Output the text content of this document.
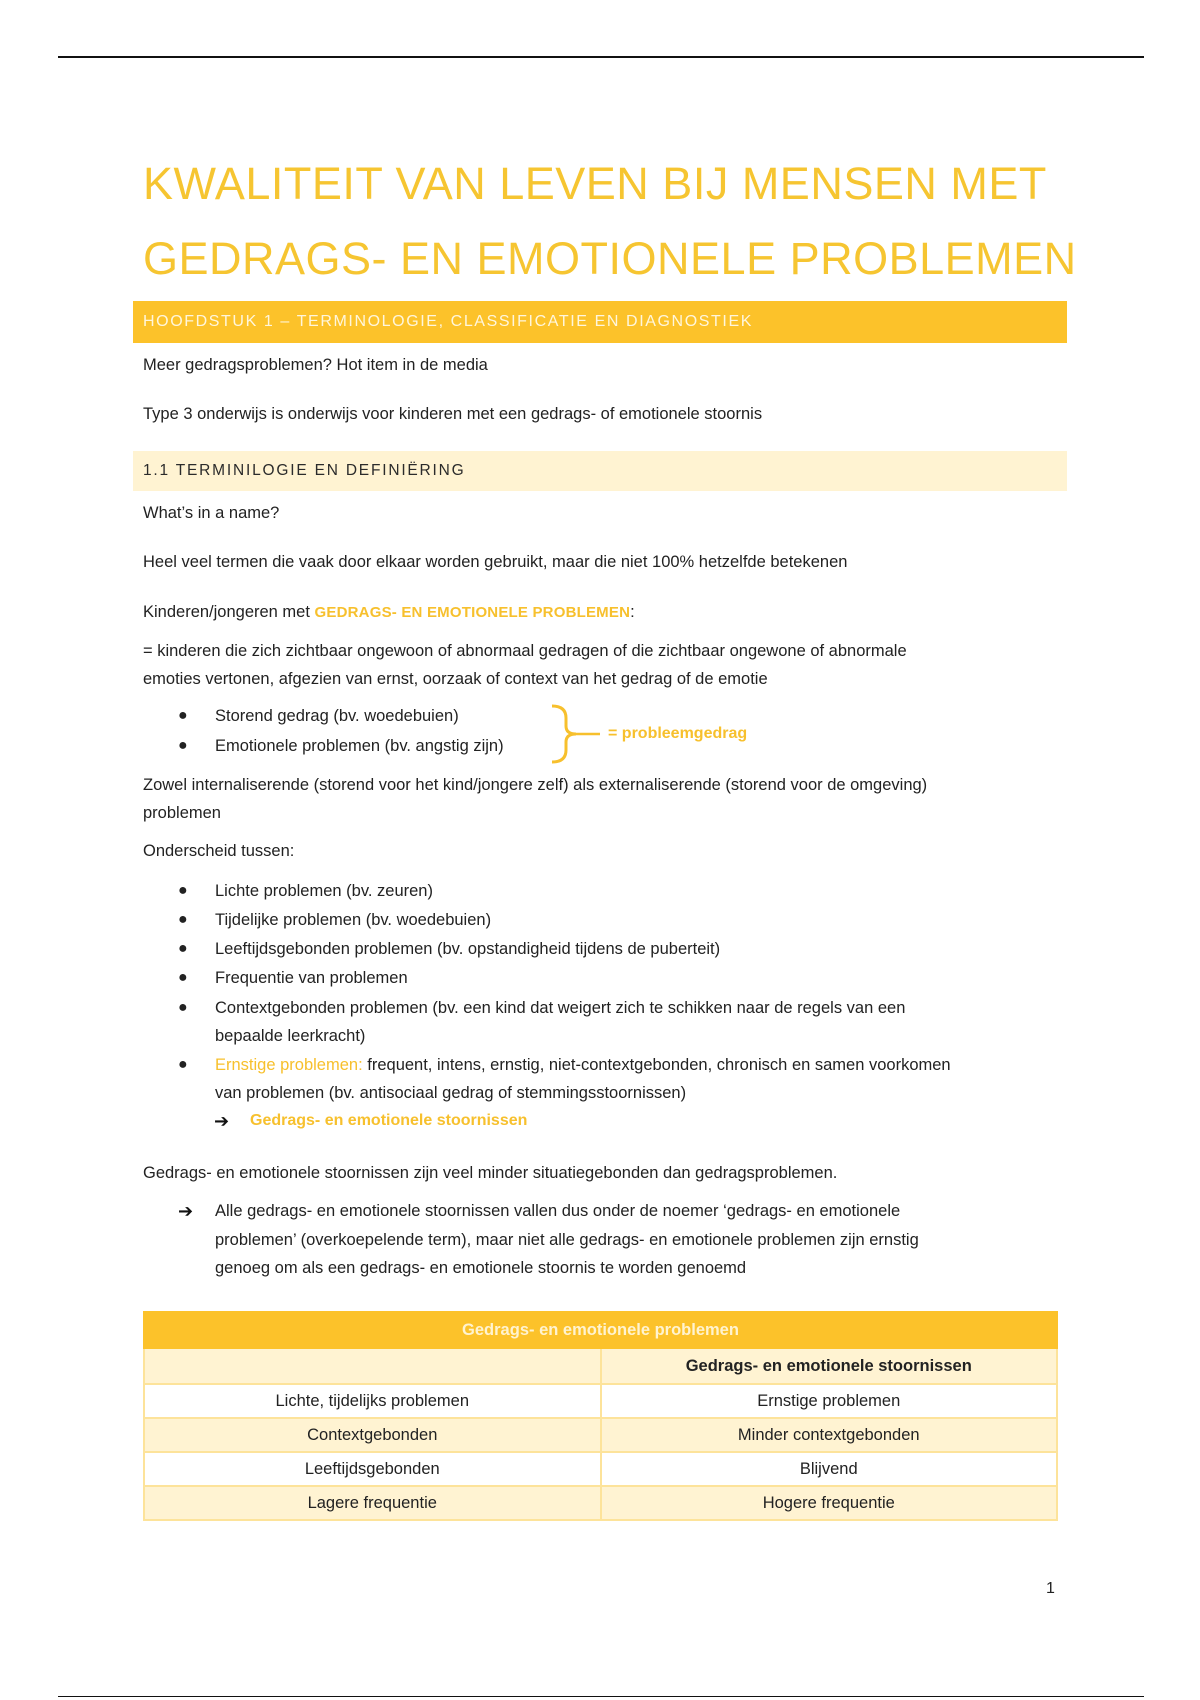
KWALITEIT VAN LEVEN BIJ MENSEN MET
GEDRAGS- EN EMOTIONELE PROBLEMEN
HOOFDSTUK 1 – TERMINOLOGIE, CLASSIFICATIE EN DIAGNOSTIEK
Meer gedragsproblemen? Hot item in de media
Type 3 onderwijs is onderwijs voor kinderen met een gedrags- of emotionele stoornis
1.1 TERMINILOGIE EN DEFINIËRING
What’s in a name?
Heel veel termen die vaak door elkaar worden gebruikt, maar die niet 100% hetzelfde betekenen
Kinderen/jongeren met GEDRAGS- EN EMOTIONELE PROBLEMEN:
= kinderen die zich zichtbaar ongewoon of abnormaal gedragen of die zichtbaar ongewone of abnormale
emoties vertonen, afgezien van ernst, oorzaak of context van het gedrag of de emotie
● Storend gedrag (bv. woedebuien)
● Emotionele problemen (bv. angstig zijn)
= probleemgedrag
Zowel internaliserende (storend voor het kind/jongere zelf) als externaliserende (storend voor de omgeving)
problemen
Onderscheid tussen:
● Lichte problemen (bv. zeuren)
● Tijdelijke problemen (bv. woedebuien)
● Leeftijdsgebonden problemen (bv. opstandigheid tijdens de puberteit)
● Frequentie van problemen
● Contextgebonden problemen (bv. een kind dat weigert zich te schikken naar de regels van een
bepaalde leerkracht)
● Ernstige problemen: frequent, intens, ernstig, niet-contextgebonden, chronisch en samen voorkomen
van problemen (bv. antisociaal gedrag of stemmingsstoornissen)
➔ Gedrags- en emotionele stoornissen
Gedrags- en emotionele stoornissen zijn veel minder situatiegebonden dan gedragsproblemen.
➔ Alle gedrags- en emotionele stoornissen vallen dus onder de noemer ‘gedrags- en emotionele
problemen’ (overkoepelende term), maar niet alle gedrags- en emotionele problemen zijn ernstig
genoeg om als een gedrags- en emotionele stoornis te worden genoemd
Gedrags- en emotionele problemen	
	Gedrags- en emotionele stoornissen
Lichte, tijdelijks problemen	Ernstige problemen
Contextgebonden	Minder contextgebonden
Leeftijdsgebonden	Blijvend
Lagere frequentie	Hogere frequentie
1
